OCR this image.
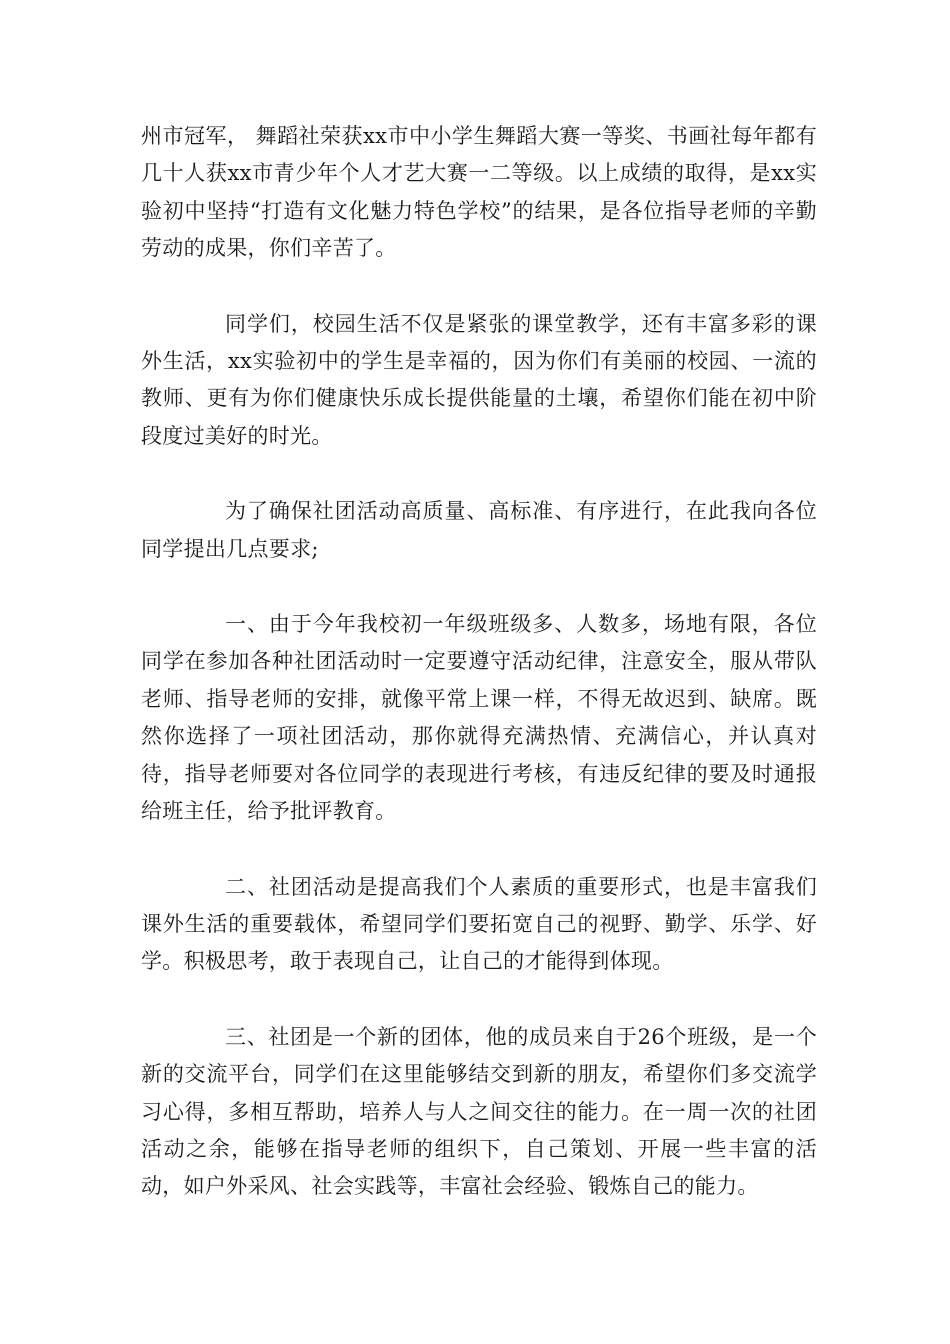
州市冠军， 舞蹈社荣获xx市中小学生舞蹈大赛一等奖、书画社每年都有几十人获xx市青少年个人才艺大赛一二等级。以上成绩的取得，是xx实验初中坚持“打造有文化魅力特色学校”的结果，是各位指导老师的辛勤劳动的成果，你们辛苦了。

同学们，校园生活不仅是紧张的课堂教学，还有丰富多彩的课外生活，xx实验初中的学生是幸福的，因为你们有美丽的校园、一流的教师、更有为你们健康快乐成长提供能量的土壤，希望你们能在初中阶段度过美好的时光。

为了确保社团活动高质量、高标准、有序进行，在此我向各位同学提出几点要求;

一、由于今年我校初一年级班级多、人数多，场地有限，各位同学在参加各种社团活动时一定要遵守活动纪律，注意安全，服从带队老师、指导老师的安排，就像平常上课一样，不得无故迟到、缺席。既然你选择了一项社团活动，那你就得充满热情、充满信心，并认真对待，指导老师要对各位同学的表现进行考核，有违反纪律的要及时通报给班主任，给予批评教育。

二、社团活动是提高我们个人素质的重要形式，也是丰富我们课外生活的重要载体，希望同学们要拓宽自己的视野、勤学、乐学、好学。积极思考，敢于表现自己，让自己的才能得到体现。

三、社团是一个新的团体，他的成员来自于26个班级，是一个新的交流平台，同学们在这里能够结交到新的朋友，希望你们多交流学习心得，多相互帮助，培养人与人之间交往的能力。在一周一次的社团活动之余，能够在指导老师的组织下，自己策划、开展一些丰富的活动，如户外采风、社会实践等，丰富社会经验、锻炼自己的能力。
